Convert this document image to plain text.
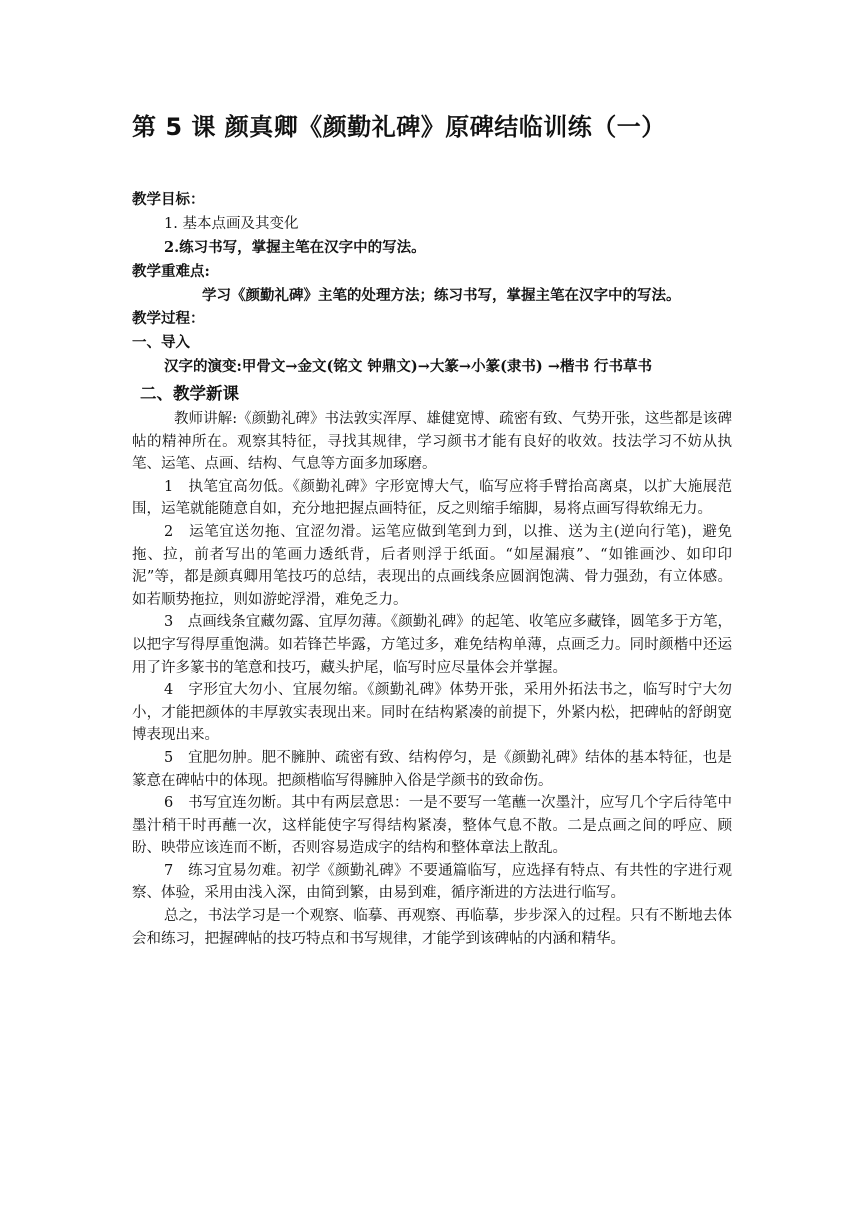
第 5 课 颜真卿《颜勤礼碑》原碑结临训练（一）

教学目标：

1. 基本点画及其变化

2.练习书写，掌握主笔在汉字中的写法。

教学重难点:

学习《颜勤礼碑》主笔的处理方法；练习书写，掌握主笔在汉字中的写法。

教学过程：

一、导入

汉字的演变:甲骨文→金文(铭文 钟鼎文)→大篆→小篆(隶书) →楷书 行书草书

二、教学新课

教师讲解:《颜勤礼碑》书法敦实浑厚、雄健宽博、疏密有致、气势开张，这些都是该碑帖的精神所在。观察其特征，寻找其规律，学习颜书才能有良好的收效。技法学习不妨从执笔、运笔、点画、结构、气息等方面多加琢磨。

1　执笔宜高勿低。《颜勤礼碑》字形宽博大气，临写应将手臂抬高离桌，以扩大施展范围，运笔就能随意自如，充分地把握点画特征，反之则缩手缩脚，易将点画写得软绵无力。

2　运笔宜送勿拖、宜涩勿滑。运笔应做到笔到力到，以推、送为主(逆向行笔)，避免拖、拉，前者写出的笔画力透纸背，后者则浮于纸面。“如屋漏痕”、“如锥画沙、如印印泥”等，都是颜真卿用笔技巧的总结，表现出的点画线条应圆润饱满、骨力强劲，有立体感。如若顺势拖拉，则如游蛇浮滑，难免乏力。

3　点画线条宜藏勿露、宜厚勿薄。《颜勤礼碑》的起笔、收笔应多藏锋，圆笔多于方笔，以把字写得厚重饱满。如若锋芒毕露，方笔过多，难免结构单薄，点画乏力。同时颜楷中还运用了许多篆书的笔意和技巧，藏头护尾，临写时应尽量体会并掌握。

4　字形宜大勿小、宜展勿缩。《颜勤礼碑》体势开张，采用外拓法书之，临写时宁大勿小，才能把颜体的丰厚敦实表现出来。同时在结构紧凑的前提下，外紧内松，把碑帖的舒朗宽博表现出来。

5　宜肥勿肿。肥不臃肿、疏密有致、结构停匀，是《颜勤礼碑》结体的基本特征，也是篆意在碑帖中的体现。把颜楷临写得臃肿入俗是学颜书的致命伤。

6　书写宜连勿断。其中有两层意思：一是不要写一笔蘸一次墨汁，应写几个字后待笔中墨汁稍干时再蘸一次，这样能使字写得结构紧凑，整体气息不散。二是点画之间的呼应、顾盼、映带应该连而不断，否则容易造成字的结构和整体章法上散乱。

7　练习宜易勿难。初学《颜勤礼碑》不要通篇临写，应选择有特点、有共性的字进行观察、体验，采用由浅入深，由简到繁，由易到难，循序渐进的方法进行临写。

总之，书法学习是一个观察、临摹、再观察、再临摹，步步深入的过程。只有不断地去体会和练习，把握碑帖的技巧特点和书写规律，才能学到该碑帖的内涵和精华。
